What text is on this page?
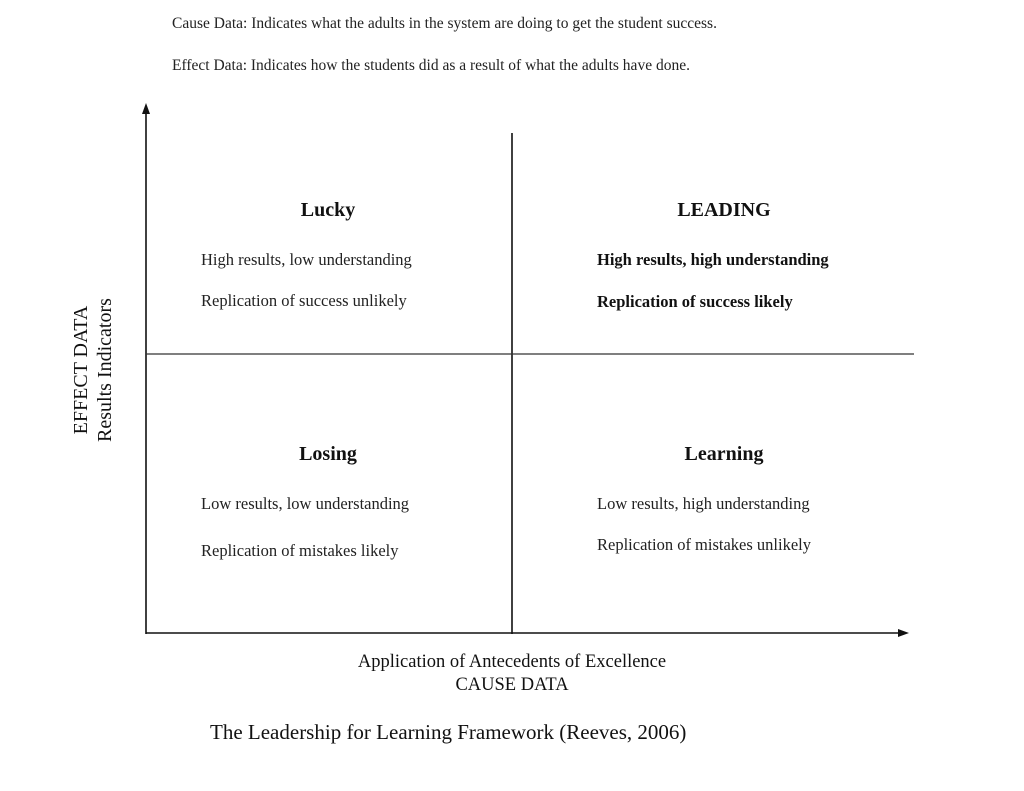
Cause Data: Indicates what the adults in the system are doing to get the student success.
Effect Data: Indicates how the students did as a result of what the adults have done.
Lucky
High results, low understanding
Replication of success unlikely
LEADING
High results, high understanding
Replication of success likely
Losing
Low results, low understanding
Replication of mistakes likely
Learning
Low results, high understanding
Replication of mistakes unlikely
EFFECT DATA Results Indicators
Application of Antecedents of Excellence
CAUSE DATA
The Leadership for Learning Framework (Reeves, 2006)
